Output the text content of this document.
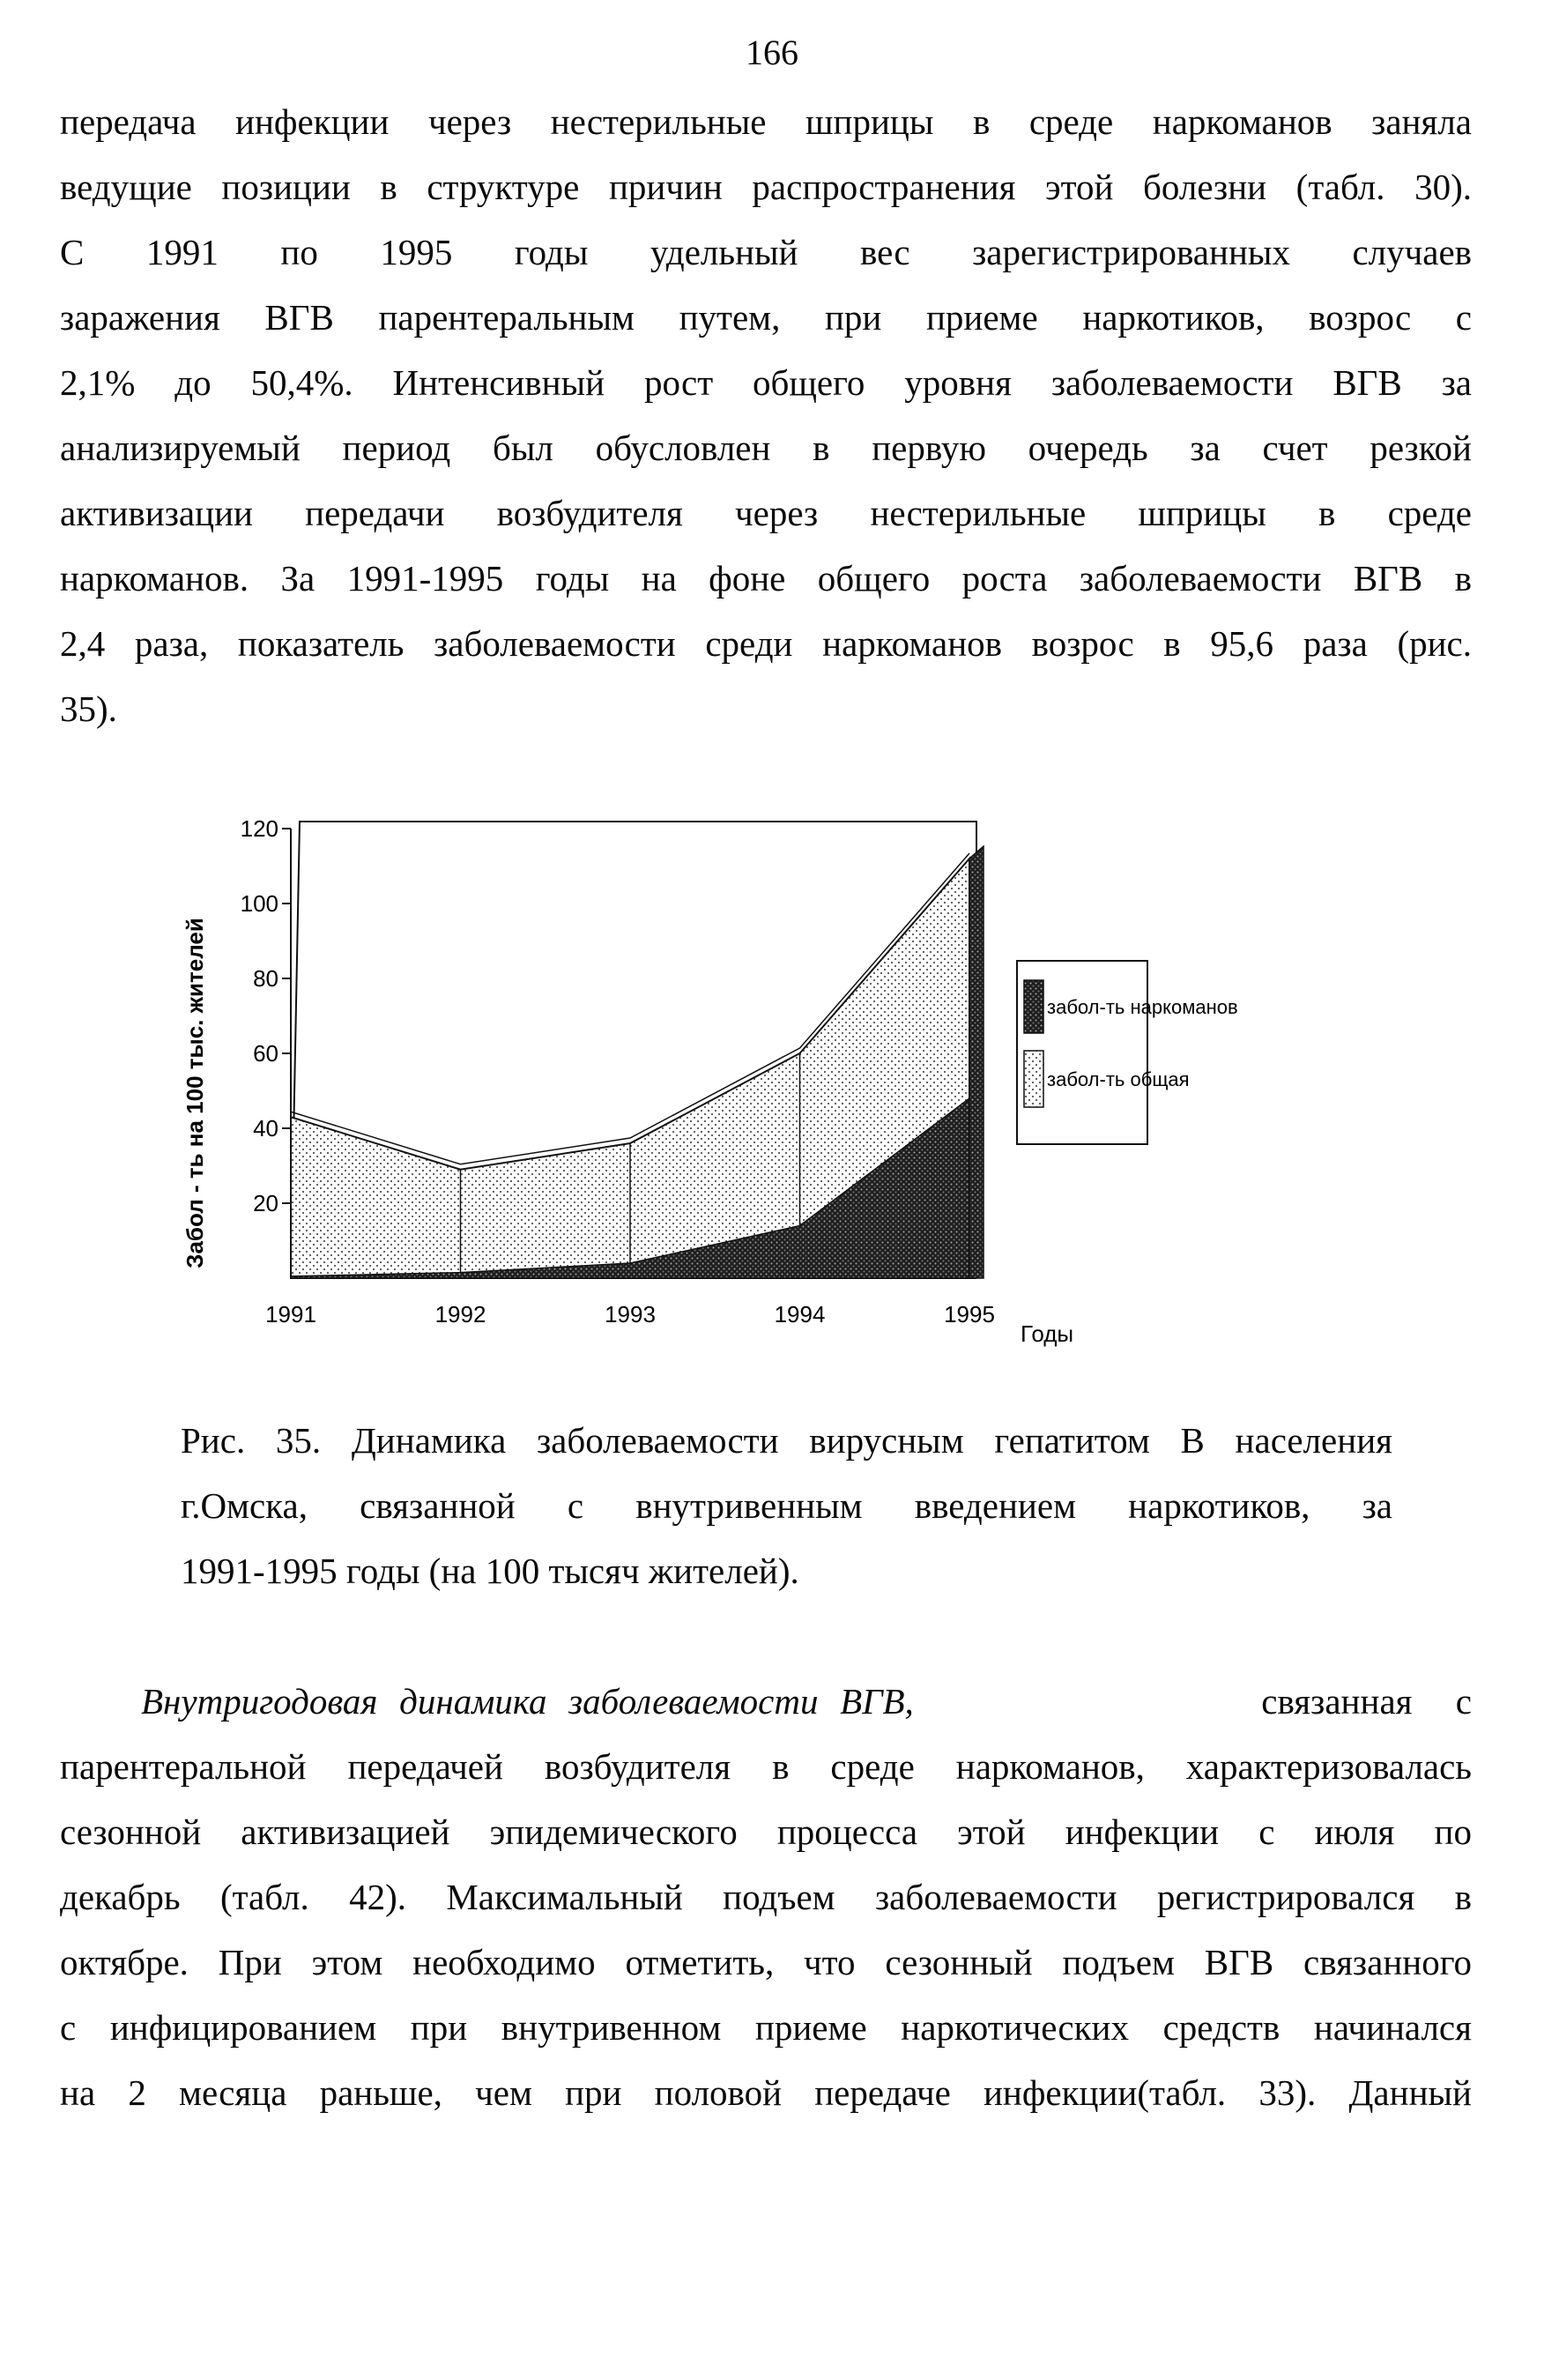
166
передача инфекции через нестерильные шприцы в среде наркоманов заняла
ведущие позиции в структуре причин распространения этой болезни (табл. 30).
С 1991 по 1995 годы удельный вес зарегистрированных случаев
заражения ВГВ парентеральным путем, при приеме наркотиков, возрос с
2,1% до 50,4%. Интенсивный рост общего уровня заболеваемости ВГВ за
анализируемый период был обусловлен в первую очередь за счет резкой
активизации передачи возбудителя через нестерильные шприцы в среде
наркоманов. За 1991-1995 годы на фоне общего роста заболеваемости ВГВ в
2,4 раза, показатель заболеваемости среди наркоманов возрос в 95,6 раза (рис.
35).
20
40
60
80
100
120
1991	1992	1993	1994	1995
Забол - ть на 100 тыс. жителей
Годы
забол-ть наркоманов
забол-ть общая
Рис. 35. Динамика заболеваемости вирусным гепатитом В населения
г.Омска, связанной с внутривенным введением наркотиков, за
1991-1995 годы (на 100 тысяч жителей).
Внутригодовая динамика заболеваемости ВГВ,                связанная  с
парентеральной передачей возбудителя в среде наркоманов, характеризовалась
сезонной активизацией эпидемического процесса этой инфекции с июля по
декабрь (табл. 42). Максимальный подъем заболеваемости регистрировался в
октябре. При этом необходимо отметить, что сезонный подъем ВГВ связанного
с инфицированием при внутривенном приеме наркотических средств начинался
на 2 месяца раньше, чем при половой передаче инфекции(табл. 33). Данный
